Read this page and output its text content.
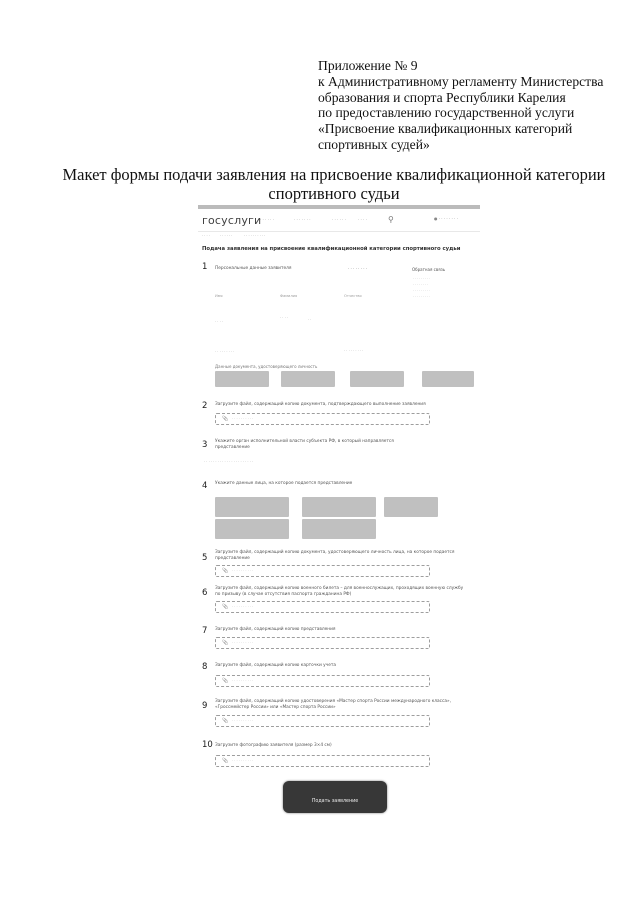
Приложение № 9
к Административному регламенту Министерства
образования и спорта Республики Карелия
по предоставлению государственной услуги
«Присвоение квалификационных категорий
спортивных судей»
Макет формы подачи заявления на присвоение квалификационной категории спортивного судьи
госуслуги
· · · · · ·	· · · · · · ·	· · · · · ·	· · · ·	⚲	● · · · · · · · ·
· · · ·	· · · · · ·	· · · · · · · · · ·
Подача заявления на присвоение квалификационной категории спортивного судьи
1 Персональные данные заявителя	· · · · · · · ·	Обратная связь
· · · · · · · · ·
· · · · · · · ·
· · · · · · · · ·
· · · · · · · · ·
Имя	Фамилия	Отчество
· · · ·
· · · ·	· ·
· · · · · · · · ·	· · · · · · · · ·
Данные документа, удостоверяющего личность
2 Загрузите файл, содержащий копию документа, подтверждающего выполнение заявления
📎 · · · · · · · · · ·
3 Укажите орган исполнительной власти субъекта РФ, в который направляется представление
· · · · · · · · · · · · · · · · · · · · · ·
4 Укажите данные лица, на которое подается представление
5
Загрузите файл, содержащий копию документа, удостоверяющего личность лица, на которое подается представление
📎 · · · · · · · · · ·
6 Загрузите файл, содержащий копию военного билета – для военнослужащих, проходящих военную службу по призыву (в случае отсутствия паспорта гражданина РФ)
📎 · · · · · · · · · ·
7 Загрузите файл, содержащий копию представления
📎 · · · · · · · · · ·
8 Загрузите файл, содержащий копию карточки учета
📎 · · · · · · · · · ·
9 Загрузите файл, содержащий копию удостоверения «Мастер спорта России международного класса», «Гроссмейстер России» или «Мастер спорта России»
📎 · · · · · · · · · ·
10 Загрузите фотографию заявителя (размер 3×4 см)
📎 · · · · · · · · · ·
Подать заявление
